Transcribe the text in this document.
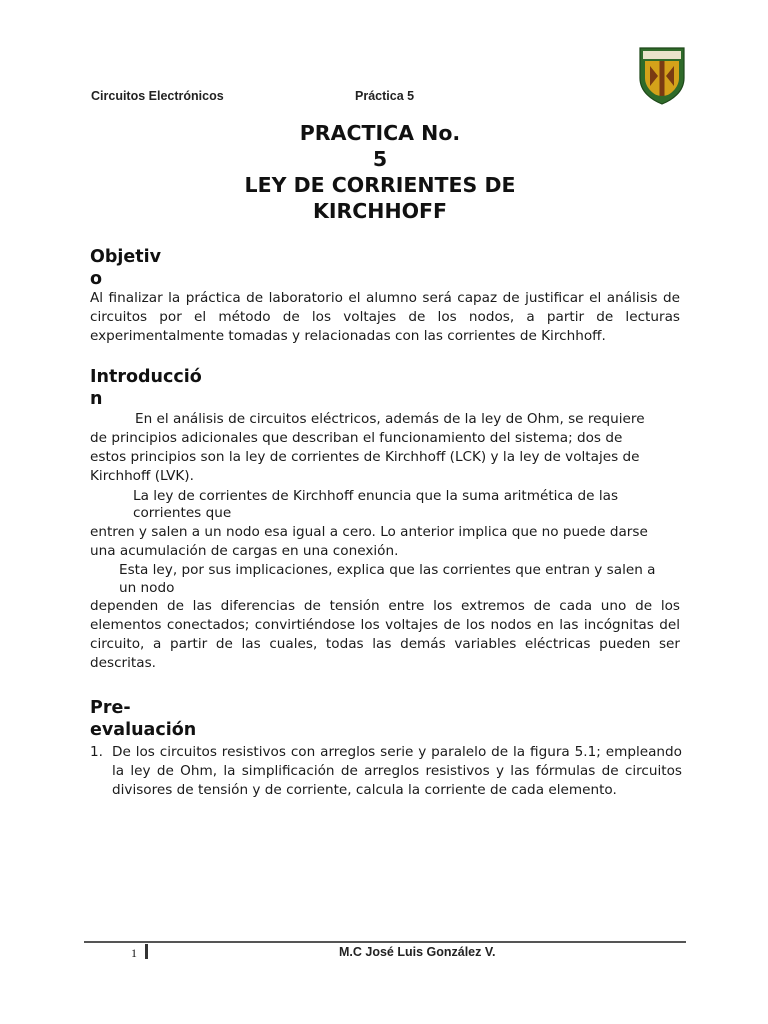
Circuitos Electrónicos	Práctica 5
PRACTICA No.
5
LEY DE CORRIENTES DE
KIRCHHOFF
Objetiv
o
Al finalizar la práctica de laboratorio el alumno será capaz de justificar el análisis de circuitos por el método de los voltajes de los nodos, a partir de lecturas experimentalmente tomadas y relacionadas con las corrientes de Kirchhoff.
Introducció
n
En el análisis de circuitos eléctricos, además de la ley de Ohm, se requiere
de principios adicionales que describan el funcionamiento del sistema; dos de
estos principios son la ley de corrientes de Kirchhoff (LCK) y la ley de voltajes de
Kirchhoff (LVK).
La ley de corrientes de Kirchhoff enuncia que la suma aritmética de las
corrientes que
entren y salen a un nodo esa igual a cero. Lo anterior implica que no puede darse
una acumulación de cargas en una conexión.
Esta ley, por sus implicaciones, explica que las corrientes que entran y salen a
un nodo
dependen de las diferencias de tensión entre los extremos de cada uno de los elementos conectados; convirtiéndose los voltajes de los nodos en las incógnitas del circuito, a partir de las cuales, todas las demás variables eléctricas pueden ser descritas.
Pre-
evaluación
1. De los circuitos resistivos con arreglos serie y paralelo de la figura 5.1; empleando la ley de Ohm, la simplificación de arreglos resistivos y las fórmulas de circuitos divisores de tensión y de corriente, calcula la corriente de cada elemento.
1	M.C José Luis González V.
